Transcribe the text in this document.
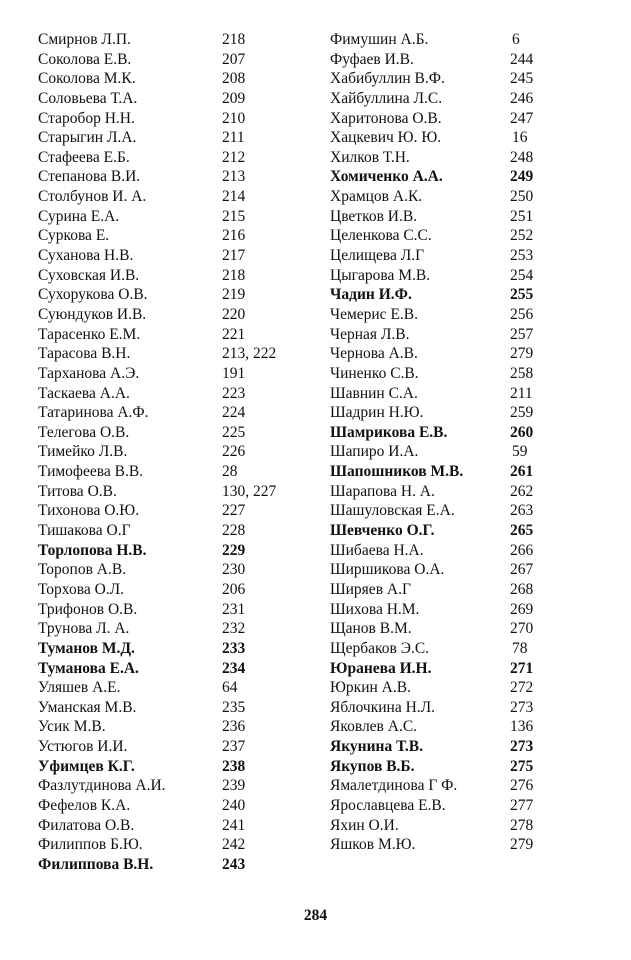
Смирнов Л.П.	218
Соколова Е.В.	207
Соколова М.К.	208
Соловьева Т.А.	209
Старобор Н.Н.	210
Старыгин Л.А.	211
Стафеева Е.Б.	212
Степанова В.И.	213
Столбунов И. А.	214
Сурина Е.А.	215
Суркова Е.	216
Суханова Н.В.	217
Суховская И.В.	218
Сухорукова О.В.	219
Суюндуков И.В.	220
Тарасенко Е.М.	221
Тарасова В.Н.	213, 222
Тарханова А.Э.	191
Таскаева А.А.	223
Татаринова А.Ф.	224
Телегова О.В.	225
Тимейко Л.В.	226
Тимофеева В.В.	28
Титова О.В.	130, 227
Тихонова О.Ю.	227
Тишакова О.Г	228
Торлопова Н.В.	229
Торопов А.В.	230
Торхова О.Л.	206
Трифонов О.В.	231
Трунова Л. А.	232
Туманов М.Д.	233
Туманова Е.А.	234
Уляшев А.Е.	64
Уманская М.В.	235
Усик М.В.	236
Устюгов И.И.	237
Уфимцев К.Г.	238
Фазлутдинова А.И.	239
Фефелов К.А.	240
Филатова О.В.	241
Филиппов Б.Ю.	242
Филиппова В.Н.	243
Фимушин А.Б.	6
Фуфаев И.В.	244
Хабибуллин В.Ф.	245
Хайбуллина Л.С.	246
Харитонова О.В.	247
Хацкевич Ю. Ю.	16
Хилков Т.Н.	248
Хомиченко А.А.	249
Храмцов А.К.	250
Цветков И.В.	251
Целенкова С.С.	252
Целищева Л.Г	253
Цыгарова М.В.	254
Чадин И.Ф.	255
Чемерис Е.В.	256
Черная Л.В.	257
Чернова А.В.	279
Чиненко С.В.	258
Шавнин С.А.	211
Шадрин Н.Ю.	259
Шамрикова Е.В.	260
Шапиро И.А.	59
Шапошников М.В.	261
Шарапова Н. А.	262
Шашуловская Е.А.	263
Шевченко О.Г.	265
Шибаева Н.А.	266
Ширшикова О.А.	267
Ширяев А.Г	268
Шихова Н.М.	269
Щанов В.М.	270
Щербаков Э.С.	78
Юранева И.Н.	271
Юркин А.В.	272
Яблочкина Н.Л.	273
Яковлев А.С.	136
Якунина Т.В.	273
Якупов В.Б.	275
Ямалетдинова Г Ф.	276
Ярославцева Е.В.	277
Яхин О.И.	278
Яшков М.Ю.	279
284
